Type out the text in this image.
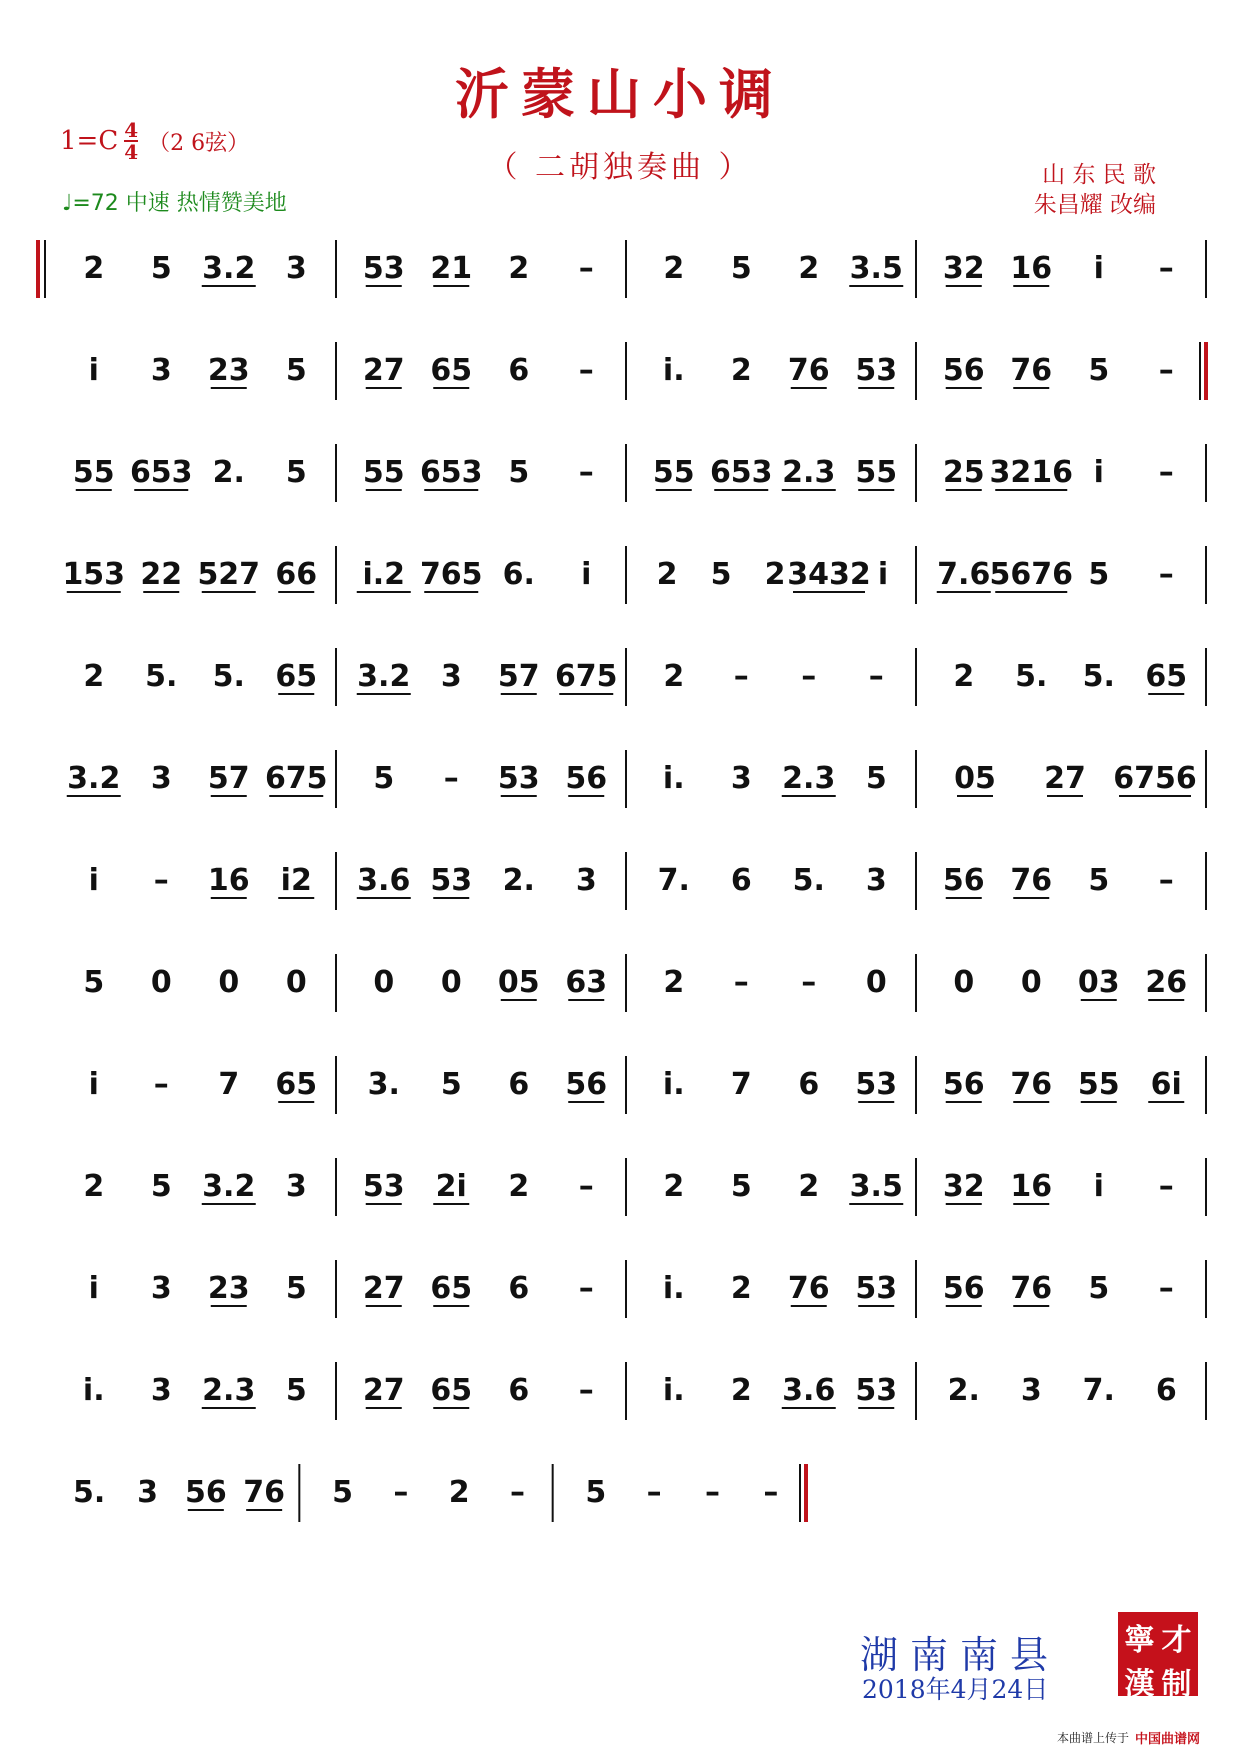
沂蒙山小调
（ 二胡独奏曲 ）
$1=C \frac{4}{4} (2$ 6弦）
♩=72 中速 热情赞美地
山 东 民 歌
朱昌耀 改编
2 5 3.2 3 53 21 2 – 2 5 2 3.5 32 16 i –
i 3 23 5 27 65 6 – i. 2 76 53 56 76 5 –
55 653 2. 5 55 653 5 – 55 653 2.3 55 25 3216 i –
153 22 527 66 i.2 765 6. i 2 5 2 3432 i 7.6 5676 5 –
2 5. 5. 65 3.2 3 57 675 2 – – – 2 5. 5. 65
3.2 3 57 675 5 – 53 56 i. 3 2.3 5 05 27 6756
i – 16 i2 3.6 53 2. 3 7. 6 5. 3 56 76 5 –
5 0 0 0 0 0 05 63 2 – – 0 0 0 03 26
i – 7 65 3. 5 6 56 i. 7 6 53 56 76 55 6i
2 5 3.2 3 53 2i 2 – 2 5 2 3.5 32 16 i –
i 3 23 5 27 65 6 – i. 2 76 53 56 76 5 –
i. 3 2.3 5 27 65 6 – i. 2 3.6 53 2. 3 7. 6
5. 3 56 76 5 – 2 – 5 – – –
湖南南县
2018年4月24日
寧 才
漢 制
本曲谱上传于 中国曲谱网
